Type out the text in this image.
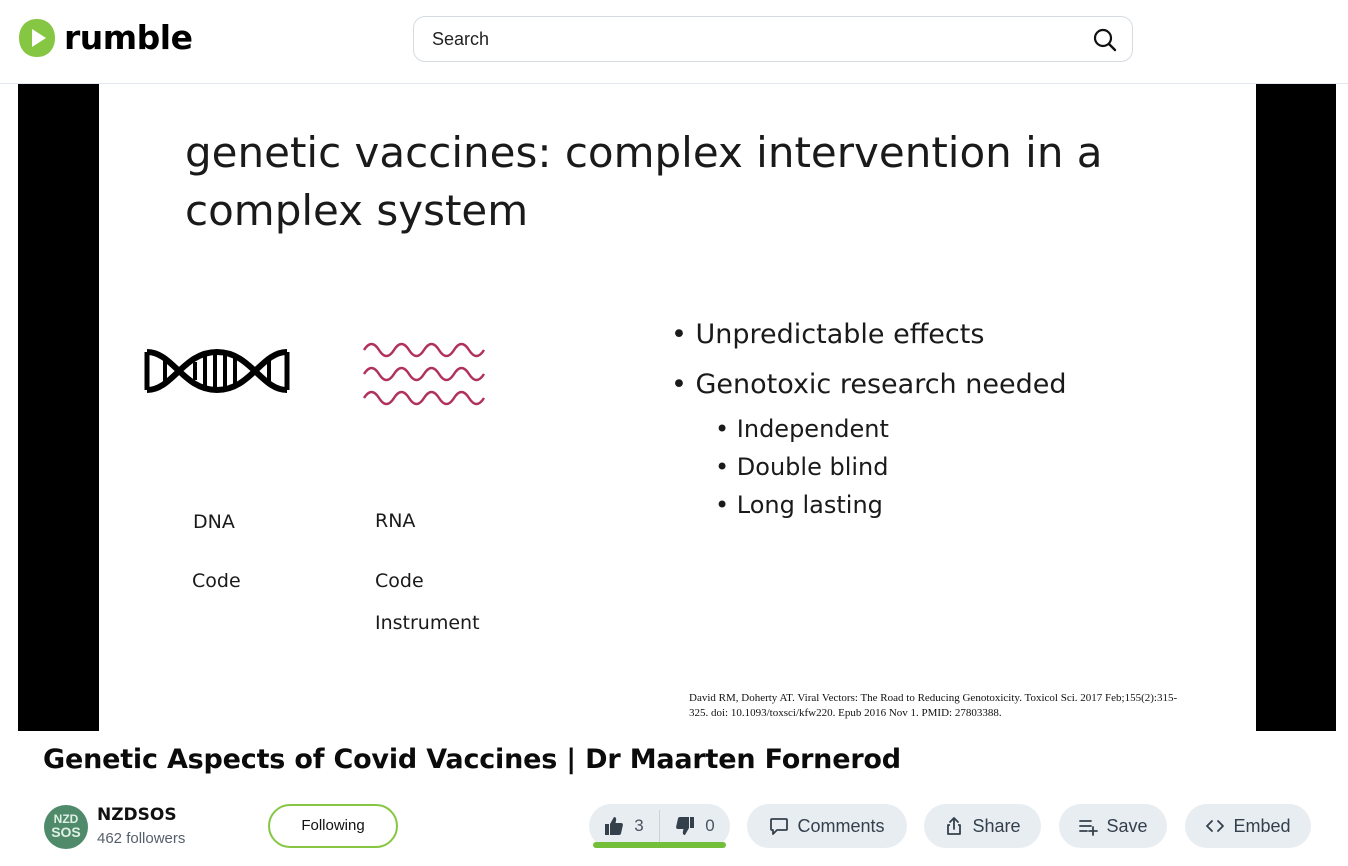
rumble
Search
genetic vaccines: complex intervention in a
complex system
DNA
Code
RNA
Code
Instrument
• Unpredictable effects
• Genotoxic research needed
• Independent
• Double blind
• Long lasting
David RM, Doherty AT. Viral Vectors: The Road to Reducing Genotoxicity. Toxicol Sci. 2017 Feb;155(2):315-
325. doi: 10.1093/toxsci/kfw220. Epub 2016 Nov 1. PMID: 27803388.
Genetic Aspects of Covid Vaccines | Dr Maarten Fornerod
NZD
SOS
NZDSOS
462 followers
Following	3	0	Comments	Share	Save	Embed
